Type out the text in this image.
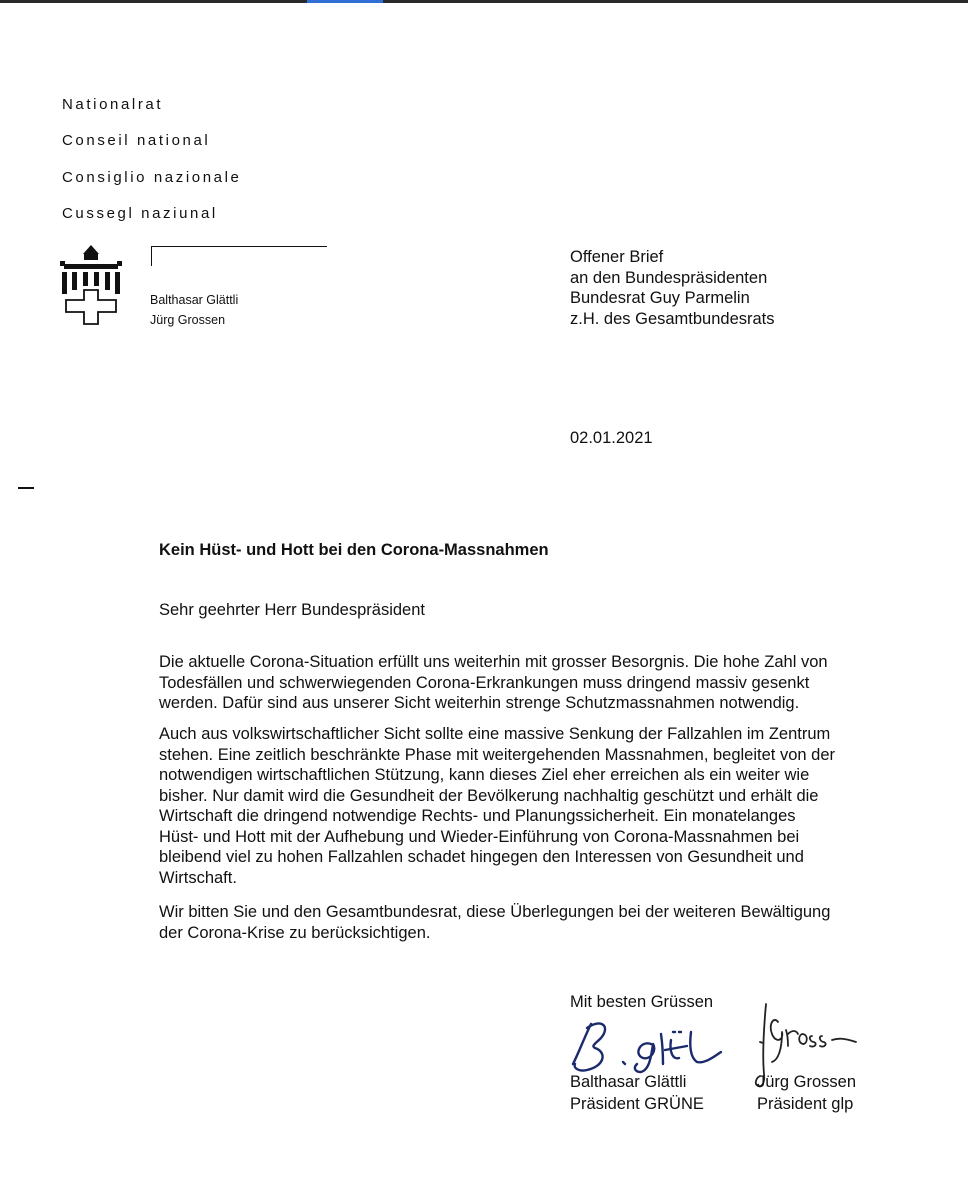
Nationalrat
Conseil national
Consiglio nazionale
Cussegl naziunal
Balthasar Glättli
Jürg Grossen
Offener Brief
an den Bundespräsidenten
Bundesrat Guy Parmelin
z.H. des Gesamtbundesrats
02.01.2021
Kein Hüst- und Hott bei den Corona-Massnahmen
Sehr geehrter Herr Bundespräsident
Die aktuelle Corona-Situation erfüllt uns weiterhin mit grosser Besorgnis. Die hohe Zahl von
Todesfällen und schwerwiegenden Corona-Erkrankungen muss dringend massiv gesenkt
werden. Dafür sind aus unserer Sicht weiterhin strenge Schutzmassnahmen notwendig.
Auch aus volkswirtschaftlicher Sicht sollte eine massive Senkung der Fallzahlen im Zentrum
stehen. Eine zeitlich beschränkte Phase mit weitergehenden Massnahmen, begleitet von der
notwendigen wirtschaftlichen Stützung, kann dieses Ziel eher erreichen als ein weiter wie
bisher. Nur damit wird die Gesundheit der Bevölkerung nachhaltig geschützt und erhält die
Wirtschaft die dringend notwendige Rechts- und Planungssicherheit. Ein monatelanges
Hüst- und Hott mit der Aufhebung und Wieder-Einführung von Corona-Massnahmen bei
bleibend viel zu hohen Fallzahlen schadet hingegen den Interessen von Gesundheit und
Wirtschaft.
Wir bitten Sie und den Gesamtbundesrat, diese Überlegungen bei der weiteren Bewältigung
der Corona-Krise zu berücksichtigen.
Mit besten Grüssen
Balthasar Glättli
Präsident GRÜNE
Jürg Grossen
Präsident glp
